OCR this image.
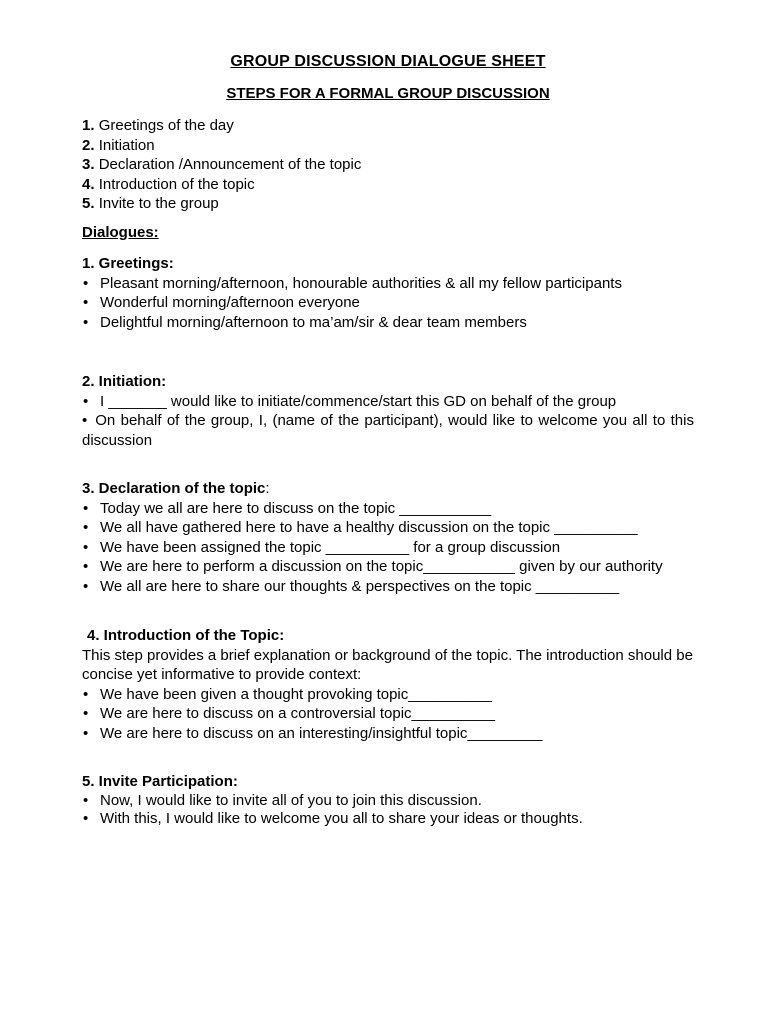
GROUP DISCUSSION DIALOGUE SHEET
STEPS FOR A FORMAL GROUP DISCUSSION
1. Greetings of the day
2. Initiation
3. Declaration /Announcement of the topic
4. Introduction of the topic
5. Invite to the group
Dialogues:
1. Greetings:
• Pleasant morning/afternoon, honourable authorities & all my fellow participants
• Wonderful morning/afternoon everyone
• Delightful morning/afternoon to ma’am/sir & dear team members
2. Initiation:
• I _______ would like to initiate/commence/start this GD on behalf of the group
• On behalf of the group, I, (name of the participant), would like to welcome you all to this discussion
3. Declaration of the topic:
• Today we all are here to discuss on the topic ___________
• We all have gathered here to have a healthy discussion on the topic __________
• We have been assigned the topic __________ for a group discussion
• We are here to perform a discussion on the topic___________ given by our authority
• We all are here to share our thoughts & perspectives on the topic __________
4. Introduction of the Topic:

This step provides a brief explanation or background of the topic. The introduction should be concise yet informative to provide context:

• We have been given a thought provoking topic__________
• We are here to discuss on a controversial topic__________
• We are here to discuss on an interesting/insightful topic_________
5. Invite Participation:
• Now, I would like to invite all of you to join this discussion.
• With this, I would like to welcome you all to share your ideas or thoughts.
